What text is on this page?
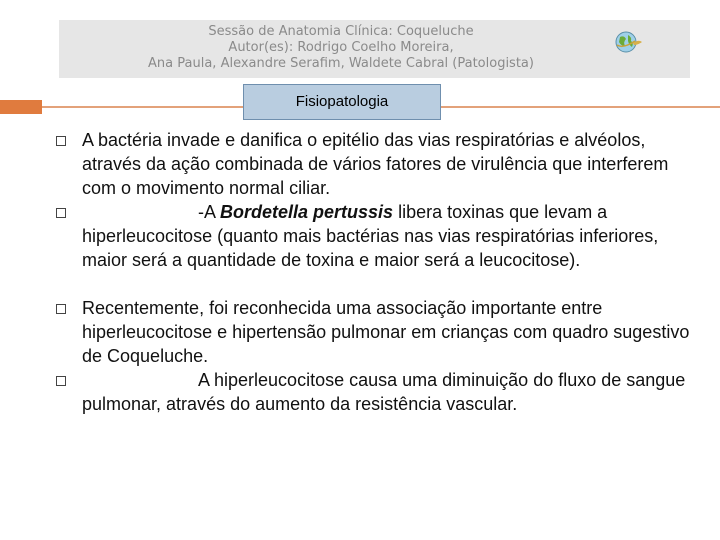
Sessão de Anatomia Clínica: Coqueluche
Autor(es): Rodrigo Coelho Moreira,
Ana Paula, Alexandre Serafim, Waldete Cabral (Patologista)
Fisiopatologia
A bactéria invade e danifica o epitélio das vias respiratórias e alvéolos, através da ação combinada de vários fatores de virulência que interferem com o movimento normal ciliar.
-A Bordetella pertussis libera toxinas que levam a hiperleucocitose (quanto mais bactérias nas vias respiratórias inferiores, maior será a quantidade de toxina e maior será a leucocitose).
Recentemente, foi reconhecida uma associação importante entre hiperleucocitose e hipertensão pulmonar em crianças com quadro sugestivo de Coqueluche.
A hiperleucocitose causa uma diminuição do fluxo de sangue pulmonar, através do aumento da resistência vascular.
